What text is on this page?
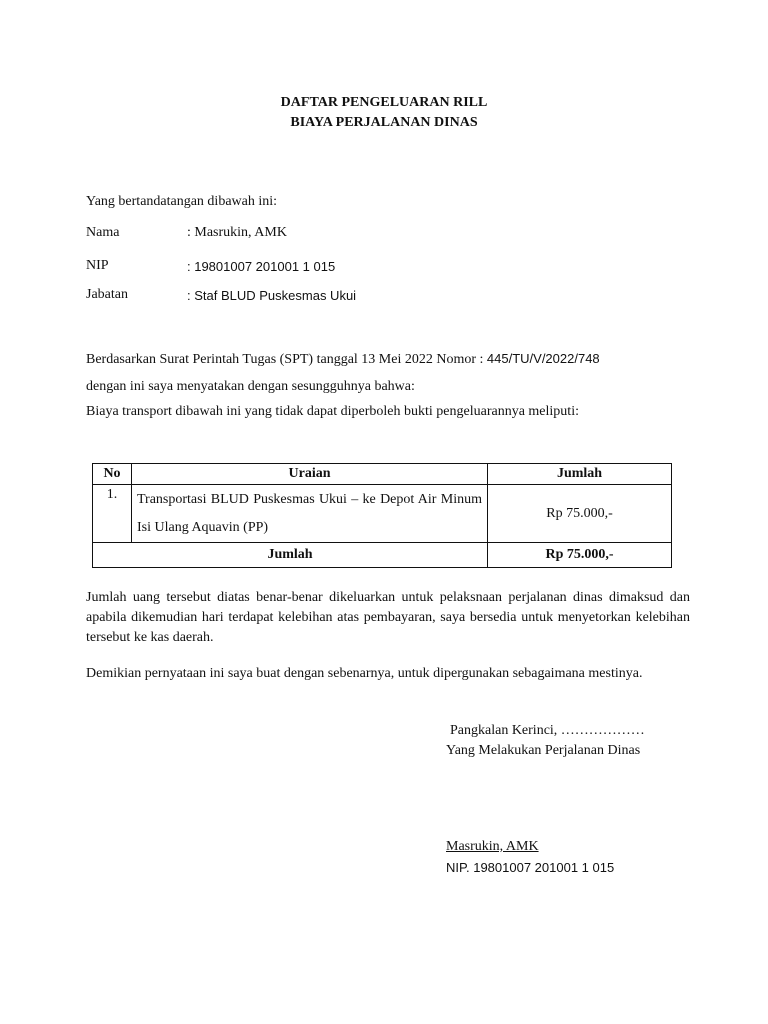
DAFTAR PENGELUARAN RILL
BIAYA PERJALANAN DINAS
Yang bertandatangan dibawah ini:
Nama	: Masrukin, AMK
NIP	: 19801007 201001 1 015
Jabatan	: Staf BLUD Puskesmas Ukui
Berdasarkan Surat Perintah Tugas (SPT) tanggal 13 Mei 2022 Nomor : 445/TU/V/2022/748
dengan ini saya menyatakan dengan sesungguhnya bahwa:
Biaya transport dibawah ini yang tidak dapat diperboleh bukti pengeluarannya meliputi:
No	Uraian	Jumlah
1.	Transportasi BLUD Puskesmas Ukui – ke Depot Air Minum Isi Ulang Aquavin (PP)	Rp 75.000,-
Jumlah		Rp 75.000,-
Jumlah uang tersebut diatas benar-benar dikeluarkan untuk pelaksnaan perjalanan dinas dimaksud dan apabila dikemudian hari terdapat kelebihan atas pembayaran, saya bersedia untuk menyetorkan kelebihan tersebut ke kas daerah.
Demikian pernyataan ini saya buat dengan sebenarnya, untuk dipergunakan sebagaimana mestinya.
Pangkalan Kerinci, ………………
Yang Melakukan Perjalanan Dinas
Masrukin, AMK
NIP. 19801007 201001 1 015
